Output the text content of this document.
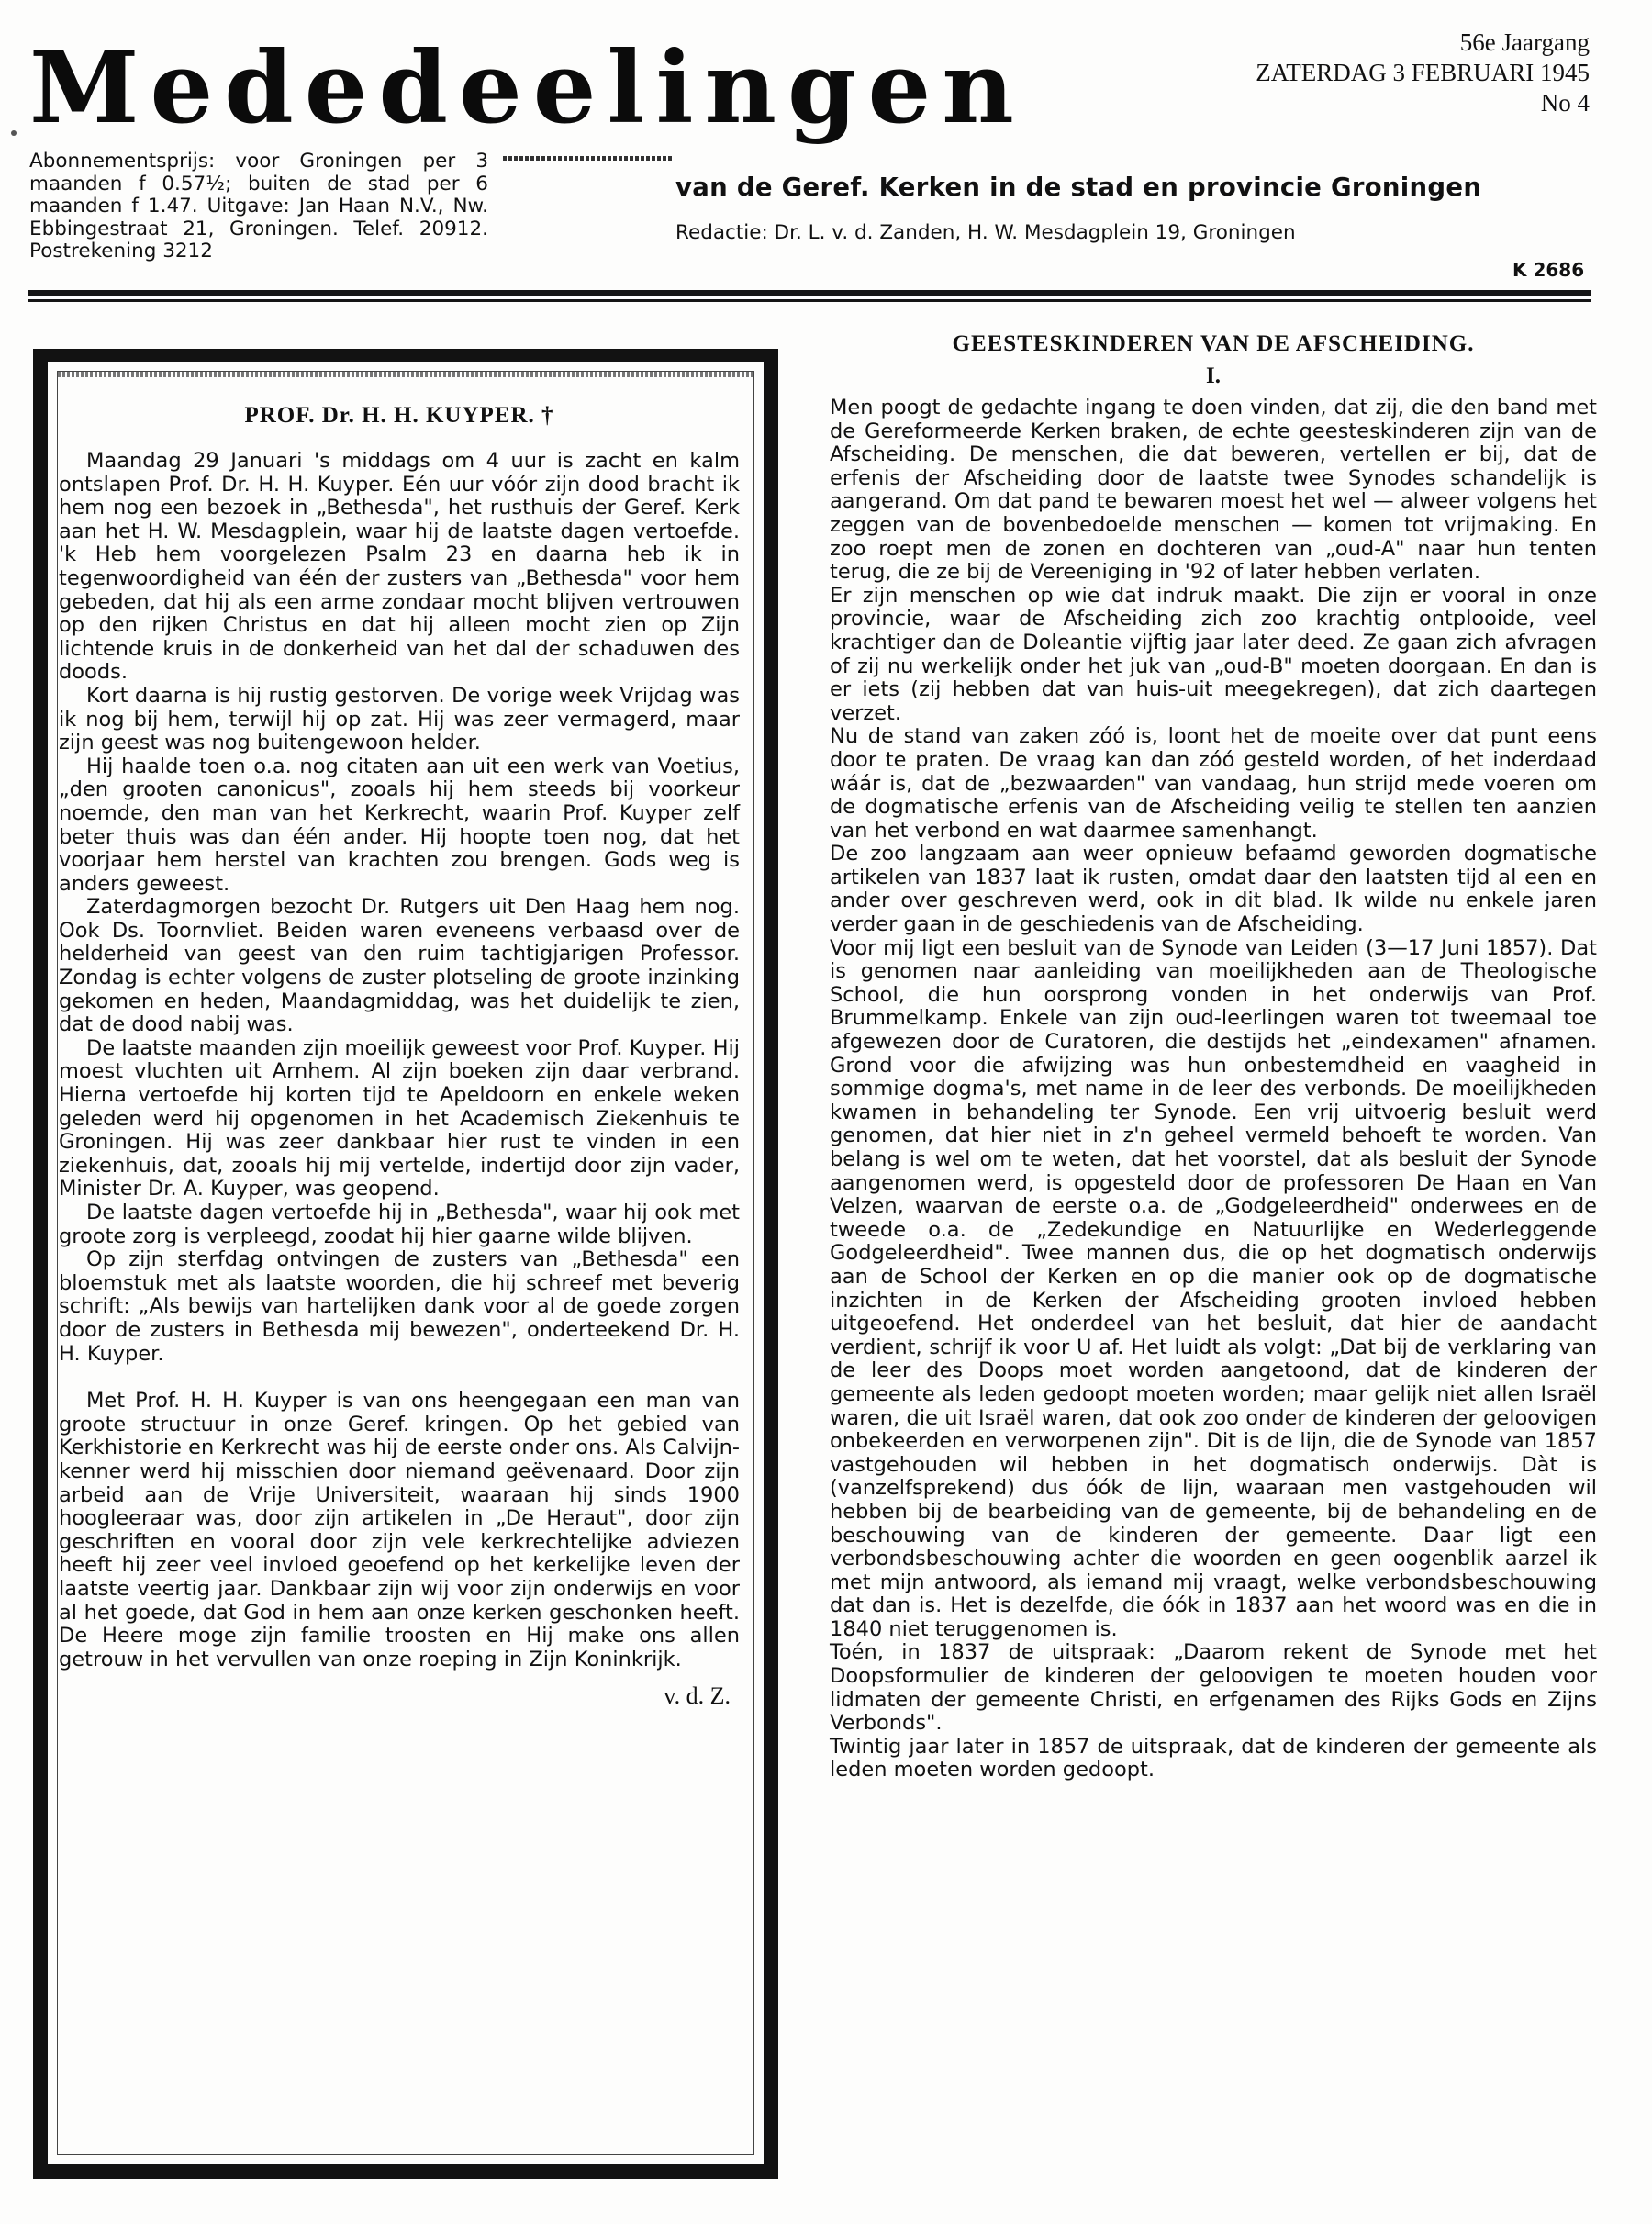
Mededeelingen	56e Jaargang
ZATERDAG 3 FEBRUARI 1945
No 4
Abonnementsprijs: voor Groningen per 3 maanden f 0.57½; buiten de stad per 6 maanden f 1.47. Uitgave: Jan Haan N.V., Nw. Ebbingestraat 21, Groningen. Telef. 20912. Postrekening 3212
van de Geref. Kerken in de stad en provincie Groningen
Redactie: Dr. L. v. d. Zanden, H. W. Mesdagplein 19, Groningen
K 2686
PROF. Dr. H. H. KUYPER. †

Maandag 29 Januari 's middags om 4 uur is zacht en kalm ontslapen Prof. Dr. H. H. Kuyper. Eén uur vóór zijn dood bracht ik hem nog een bezoek in „Bethesda", het rusthuis der Geref. Kerk aan het H. W. Mesdagplein, waar hij de laatste dagen vertoefde. 'k Heb hem voorgelezen Psalm 23 en daarna heb ik in tegenwoordigheid van één der zusters van „Bethesda" voor hem gebeden, dat hij als een arme zondaar mocht blijven vertrouwen op den rijken Christus en dat hij alleen mocht zien op Zijn lichtende kruis in de donkerheid van het dal der schaduwen des doods.

Kort daarna is hij rustig gestorven. De vorige week Vrijdag was ik nog bij hem, terwijl hij op zat. Hij was zeer vermagerd, maar zijn geest was nog buitengewoon helder.

Hij haalde toen o.a. nog citaten aan uit een werk van Voetius, „den grooten canonicus", zooals hij hem steeds bij voorkeur noemde, den man van het Kerkrecht, waarin Prof. Kuyper zelf beter thuis was dan één ander. Hij hoopte toen nog, dat het voorjaar hem herstel van krachten zou brengen. Gods weg is anders geweest.

Zaterdagmorgen bezocht Dr. Rutgers uit Den Haag hem nog. Ook Ds. Toornvliet. Beiden waren eveneens verbaasd over de helderheid van geest van den ruim tachtigjarigen Professor. Zondag is echter volgens de zuster plotseling de groote inzinking gekomen en heden, Maandagmiddag, was het duidelijk te zien, dat de dood nabij was.

De laatste maanden zijn moeilijk geweest voor Prof. Kuyper. Hij moest vluchten uit Arnhem. Al zijn boeken zijn daar verbrand. Hierna vertoefde hij korten tijd te Apeldoorn en enkele weken geleden werd hij opgenomen in het Academisch Ziekenhuis te Groningen. Hij was zeer dankbaar hier rust te vinden in een ziekenhuis, dat, zooals hij mij vertelde, indertijd door zijn vader, Minister Dr. A. Kuyper, was geopend.

De laatste dagen vertoefde hij in „Bethesda", waar hij ook met groote zorg is verpleegd, zoodat hij hier gaarne wilde blijven.

Op zijn sterfdag ontvingen de zusters van „Bethesda" een bloemstuk met als laatste woorden, die hij schreef met beverig schrift: „Als bewijs van hartelijken dank voor al de goede zorgen door de zusters in Bethesda mij bewezen", onderteekend Dr. H. H. Kuyper.

Met Prof. H. H. Kuyper is van ons heengegaan een man van groote structuur in onze Geref. kringen. Op het gebied van Kerkhistorie en Kerkrecht was hij de eerste onder ons. Als Calvijn-kenner werd hij misschien door niemand geëvenaard. Door zijn arbeid aan de Vrije Universiteit, waaraan hij sinds 1900 hoogleeraar was, door zijn artikelen in „De Heraut", door zijn geschriften en vooral door zijn vele kerkrechtelijke adviezen heeft hij zeer veel invloed geoefend op het kerkelijke leven der laatste veertig jaar. Dankbaar zijn wij voor zijn onderwijs en voor al het goede, dat God in hem aan onze kerken geschonken heeft. De Heere moge zijn familie troosten en Hij make ons allen getrouw in het vervullen van onze roeping in Zijn Koninkrijk.

v. d. Z.
GEESTESKINDEREN VAN DE AFSCHEIDING.
I.

Men poogt de gedachte ingang te doen vinden, dat zij, die den band met de Gereformeerde Kerken braken, de echte geesteskinderen zijn van de Afscheiding. De menschen, die dat beweren, vertellen er bij, dat de erfenis der Afscheiding door de laatste twee Synodes schandelijk is aangerand. Om dat pand te bewaren moest het wel — alweer volgens het zeggen van de bovenbedoelde menschen — komen tot vrijmaking. En zoo roept men de zonen en dochteren van „oud-A" naar hun tenten terug, die ze bij de Vereeniging in '92 of later hebben verlaten.

Er zijn menschen op wie dat indruk maakt. Die zijn er vooral in onze provincie, waar de Afscheiding zich zoo krachtig ontplooide, veel krachtiger dan de Doleantie vijftig jaar later deed. Ze gaan zich afvragen of zij nu werkelijk onder het juk van „oud-B" moeten doorgaan. En dan is er iets (zij hebben dat van huis-uit meegekregen), dat zich daartegen verzet.

Nu de stand van zaken zóó is, loont het de moeite over dat punt eens door te praten. De vraag kan dan zóó gesteld worden, of het inderdaad wáár is, dat de „bezwaarden" van vandaag, hun strijd mede voeren om de dogmatische erfenis van de Afscheiding veilig te stellen ten aanzien van het verbond en wat daarmee samenhangt.

De zoo langzaam aan weer opnieuw befaamd geworden dogmatische artikelen van 1837 laat ik rusten, omdat daar den laatsten tijd al een en ander over geschreven werd, ook in dit blad. Ik wilde nu enkele jaren verder gaan in de geschiedenis van de Afscheiding.

Voor mij ligt een besluit van de Synode van Leiden (3—17 Juni 1857). Dat is genomen naar aanleiding van moeilijkheden aan de Theologische School, die hun oorsprong vonden in het onderwijs van Prof. Brummelkamp. Enkele van zijn oud-leerlingen waren tot tweemaal toe afgewezen door de Curatoren, die destijds het „eindexamen" afnamen. Grond voor die afwijzing was hun onbestemdheid en vaagheid in sommige dogma's, met name in de leer des verbonds. De moeilijkheden kwamen in behandeling ter Synode. Een vrij uitvoerig besluit werd genomen, dat hier niet in z'n geheel vermeld behoeft te worden. Van belang is wel om te weten, dat het voorstel, dat als besluit der Synode aangenomen werd, is opgesteld door de professoren De Haan en Van Velzen, waarvan de eerste o.a. de „Godgeleerdheid" onderwees en de tweede o.a. de „Zedekundige en Natuurlijke en Wederleggende Godgeleerdheid". Twee mannen dus, die op het dogmatisch onderwijs aan de School der Kerken en op die manier ook op de dogmatische inzichten in de Kerken der Afscheiding grooten invloed hebben uitgeoefend. Het onderdeel van het besluit, dat hier de aandacht verdient, schrijf ik voor U af. Het luidt als volgt: „Dat bij de verklaring van de leer des Doops moet worden aangetoond, dat de kinderen der gemeente als leden gedoopt moeten worden; maar gelijk niet allen Israël waren, die uit Israël waren, dat ook zoo onder de kinderen der geloovigen onbekeerden en verworpenen zijn". Dit is de lijn, die de Synode van 1857 vastgehouden wil hebben in het dogmatisch onderwijs. Dàt is (vanzelfsprekend) dus óók de lijn, waaraan men vastgehouden wil hebben bij de bearbeiding van de gemeente, bij de behandeling en de beschouwing van de kinderen der gemeente. Daar ligt een verbondsbeschouwing achter die woorden en geen oogenblik aarzel ik met mijn antwoord, als iemand mij vraagt, welke verbondsbeschouwing dat dan is. Het is dezelfde, die óók in 1837 aan het woord was en die in 1840 niet teruggenomen is.

Toén, in 1837 de uitspraak: „Daarom rekent de Synode met het Doopsformulier de kinderen der geloovigen te moeten houden voor lidmaten der gemeente Christi, en erfgenamen des Rijks Gods en Zijns Verbonds".

Twintig jaar later in 1857 de uitspraak, dat de kinderen der gemeente als leden moeten worden gedoopt.
